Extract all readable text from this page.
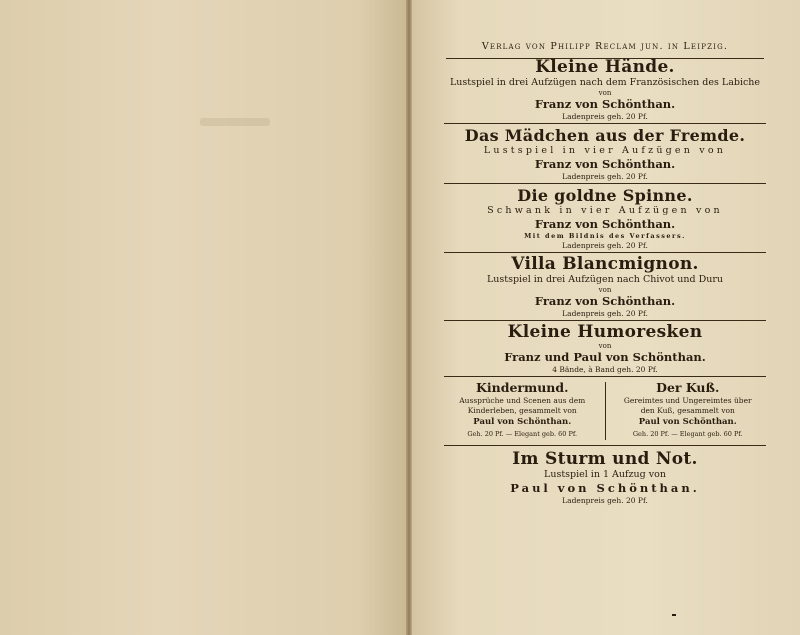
Verlag von Philipp Reclam jun. in Leipzig.
Kleine Hände.
Lustspiel in drei Aufzügen nach dem Französischen des Labiche
von
Franz von Schönthan.
Ladenpreis geh. 20 Pf.
Das Mädchen aus der Fremde.
Lustspiel in vier Aufzügen von
Franz von Schönthan.
Ladenpreis geh. 20 Pf.
Die goldne Spinne.
Schwank in vier Aufzügen von
Franz von Schönthan.
Mit dem Bildnis des Verfassers.
Ladenpreis geh. 20 Pf.
Villa Blancmignon.
Lustspiel in drei Aufzügen nach Chivot und Duru
von
Franz von Schönthan.
Ladenpreis geh. 20 Pf.
Kleine Humoresken
von
Franz und Paul von Schönthan.
4 Bände, à Band geh. 20 Pf.
Kindermund.
Aussprüche und Scenen aus dem
Kinderleben, gesammelt von
Paul von Schönthan.
Geh. 20 Pf. — Elegant geb. 60 Pf.
Der Kuß.
Gereimtes und Ungereimtes über
den Kuß, gesammelt von
Paul von Schönthan.
Geh. 20 Pf. — Elegant geb. 60 Pf.
Im Sturm und Not.
Lustspiel in 1 Aufzug von
Paul von Schönthan.
Ladenpreis geh. 20 Pf.
